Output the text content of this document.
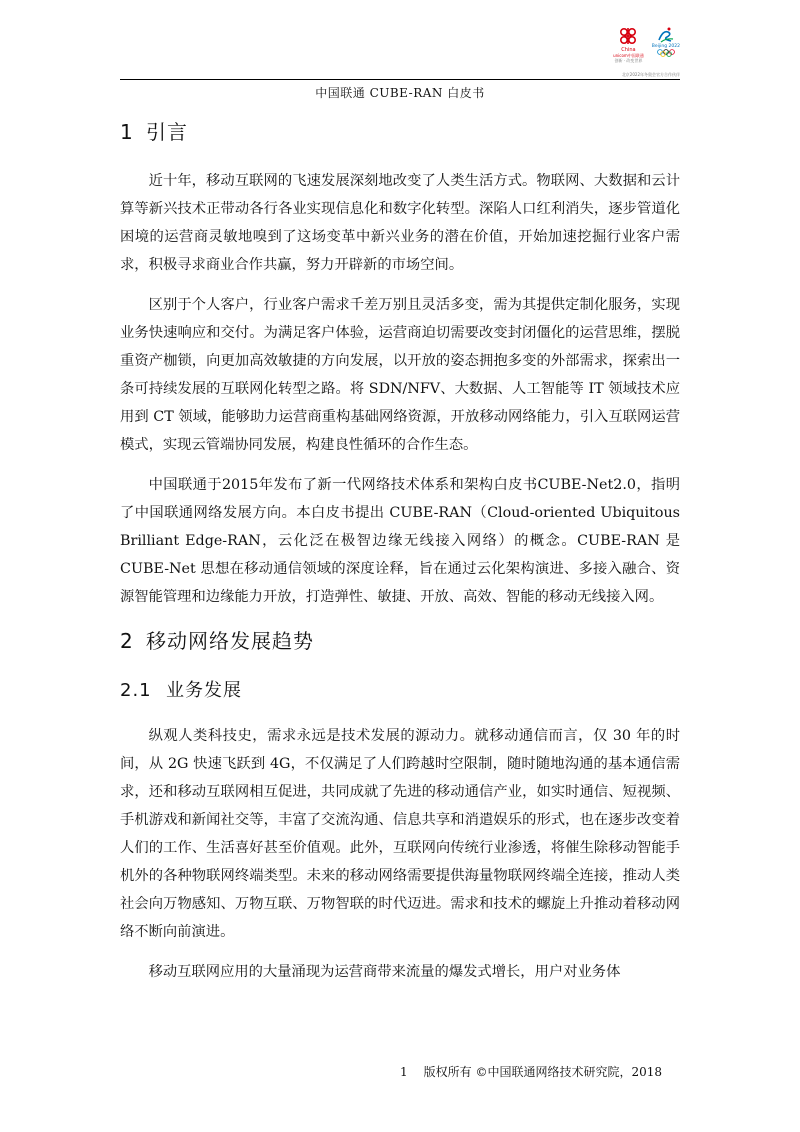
China
unicom中国联通
创新 · 改变世界
Beijing 2022
北京2022年冬奥会官方合作伙伴
中国联通 CUBE-RAN 白皮书
1 引言

近十年，移动互联网的飞速发展深刻地改变了人类生活方式。物联网、大数据和云计算等新兴技术正带动各行各业实现信息化和数字化转型。深陷人口红利消失，逐步管道化困境的运营商灵敏地嗅到了这场变革中新兴业务的潜在价值，开始加速挖掘行业客户需求，积极寻求商业合作共赢，努力开辟新的市场空间。

区别于个人客户，行业客户需求千差万别且灵活多变，需为其提供定制化服务，实现业务快速响应和交付。为满足客户体验，运营商迫切需要改变封闭僵化的运营思维，摆脱重资产枷锁，向更加高效敏捷的方向发展，以开放的姿态拥抱多变的外部需求，探索出一条可持续发展的互联网化转型之路。将 SDN/NFV、大数据、人工智能等 IT 领域技术应用到 CT 领域，能够助力运营商重构基础网络资源，开放移动网络能力，引入互联网运营模式，实现云管端协同发展，构建良性循环的合作生态。

中国联通于2015年发布了新一代网络技术体系和架构白皮书CUBE-Net2.0，指明了中国联通网络发展方向。本白皮书提出 CUBE-RAN（Cloud-oriented Ubiquitous Brilliant Edge-RAN，云化泛在极智边缘无线接入网络）的概念。CUBE-RAN 是 CUBE-Net 思想在移动通信领域的深度诠释，旨在通过云化架构演进、多接入融合、资源智能管理和边缘能力开放，打造弹性、敏捷、开放、高效、智能的移动无线接入网。

2 移动网络发展趋势
2.1 业务发展

纵观人类科技史，需求永远是技术发展的源动力。就移动通信而言，仅 30 年的时间，从 2G 快速飞跃到 4G，不仅满足了人们跨越时空限制，随时随地沟通的基本通信需求，还和移动互联网相互促进，共同成就了先进的移动通信产业，如实时通信、短视频、手机游戏和新闻社交等，丰富了交流沟通、信息共享和消遣娱乐的形式，也在逐步改变着人们的工作、生活喜好甚至价值观。此外，互联网向传统行业渗透，将催生除移动智能手机外的各种物联网终端类型。未来的移动网络需要提供海量物联网终端全连接，推动人类社会向万物感知、万物互联、万物智联的时代迈进。需求和技术的螺旋上升推动着移动网络不断向前演进。

移动互联网应用的大量涌现为运营商带来流量的爆发式增长，用户对业务体

1 版权所有 ©中国联通网络技术研究院，2018
